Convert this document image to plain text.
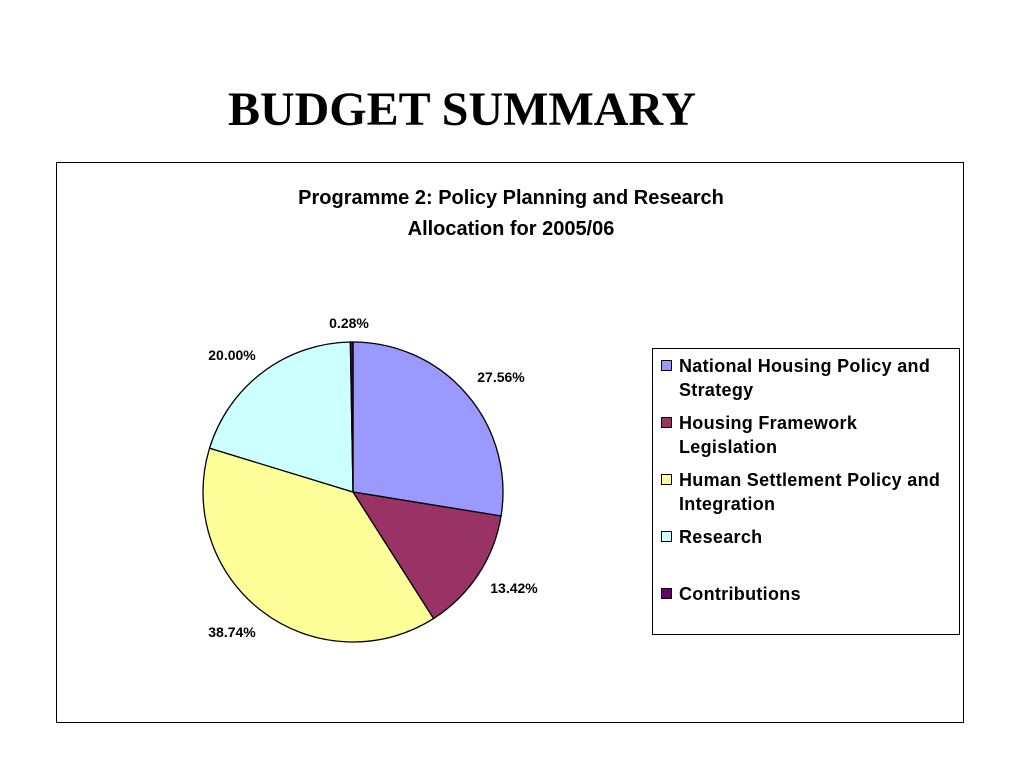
BUDGET SUMMARY
Programme 2: Policy Planning and Research
Allocation for 2005/06
27.56%
13.42%
38.74%
20.00%
0.28%
National Housing Policy and Strategy
Housing Framework Legislation
Human Settlement Policy and Integration
Research
Contributions
